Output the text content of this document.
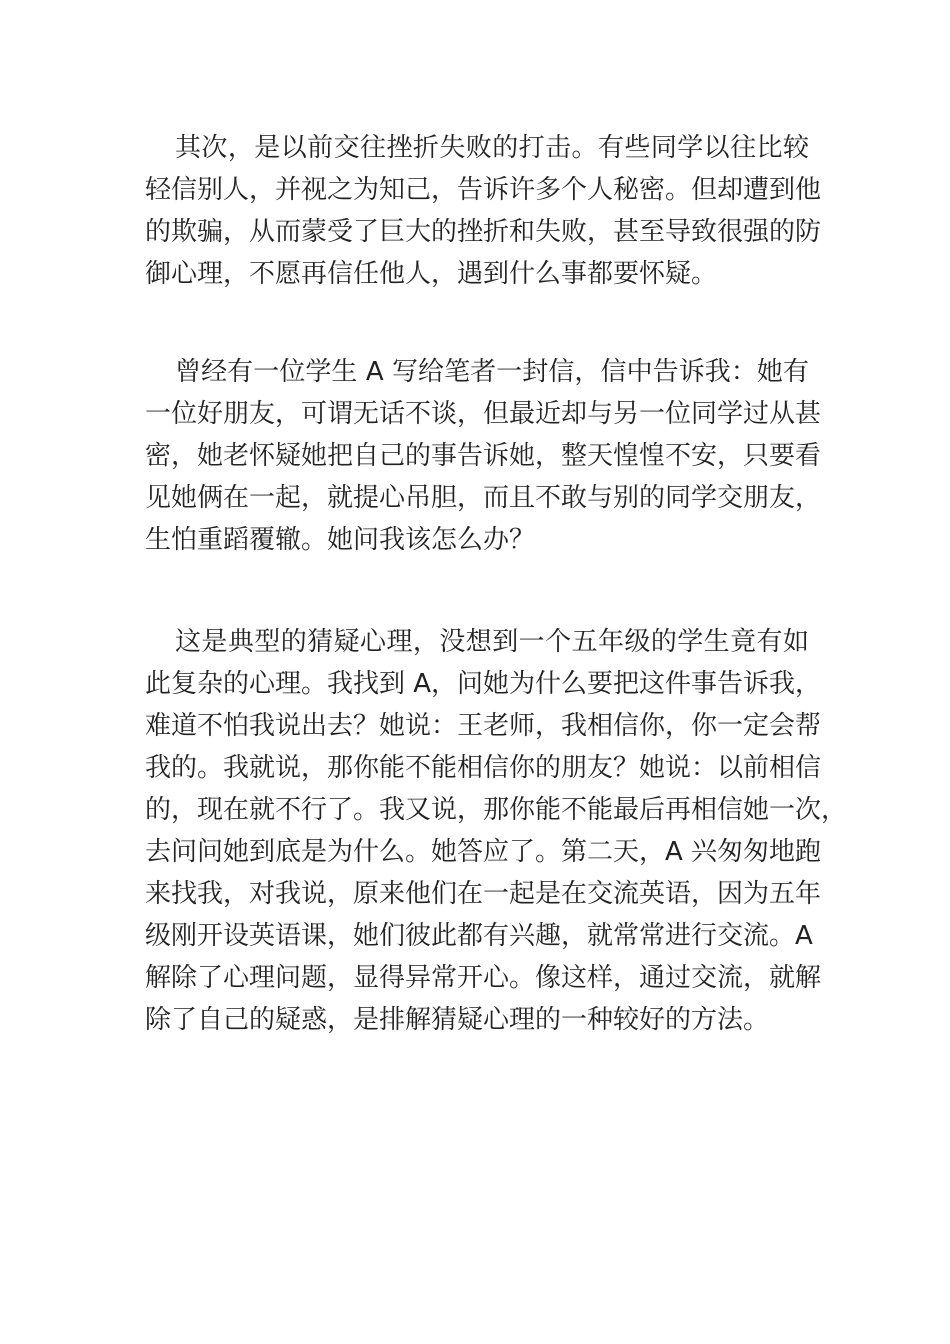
其次，是以前交往挫折失败的打击。有些同学以往比较
轻信别人，并视之为知己，告诉许多个人秘密。但却遭到他
的欺骗，从而蒙受了巨大的挫折和失败，甚至导致很强的防
御心理，不愿再信任他人，遇到什么事都要怀疑。
曾经有一位学生 A 写给笔者一封信，信中告诉我：她有
一位好朋友，可谓无话不谈，但最近却与另一位同学过从甚
密，她老怀疑她把自己的事告诉她，整天惶惶不安，只要看
见她俩在一起，就提心吊胆，而且不敢与别的同学交朋友，
生怕重蹈覆辙。她问我该怎么办？
这是典型的猜疑心理，没想到一个五年级的学生竟有如
此复杂的心理。我找到 A，问她为什么要把这件事告诉我，
难道不怕我说出去？她说：王老师，我相信你，你一定会帮
我的。我就说，那你能不能相信你的朋友？她说：以前相信
的，现在就不行了。我又说，那你能不能最后再相信她一次，
去问问她到底是为什么。她答应了。第二天，A 兴匆匆地跑
来找我，对我说，原来他们在一起是在交流英语，因为五年
级刚开设英语课，她们彼此都有兴趣，就常常进行交流。A
解除了心理问题，显得异常开心。像这样，通过交流，就解
除了自己的疑惑，是排解猜疑心理的一种较好的方法。
